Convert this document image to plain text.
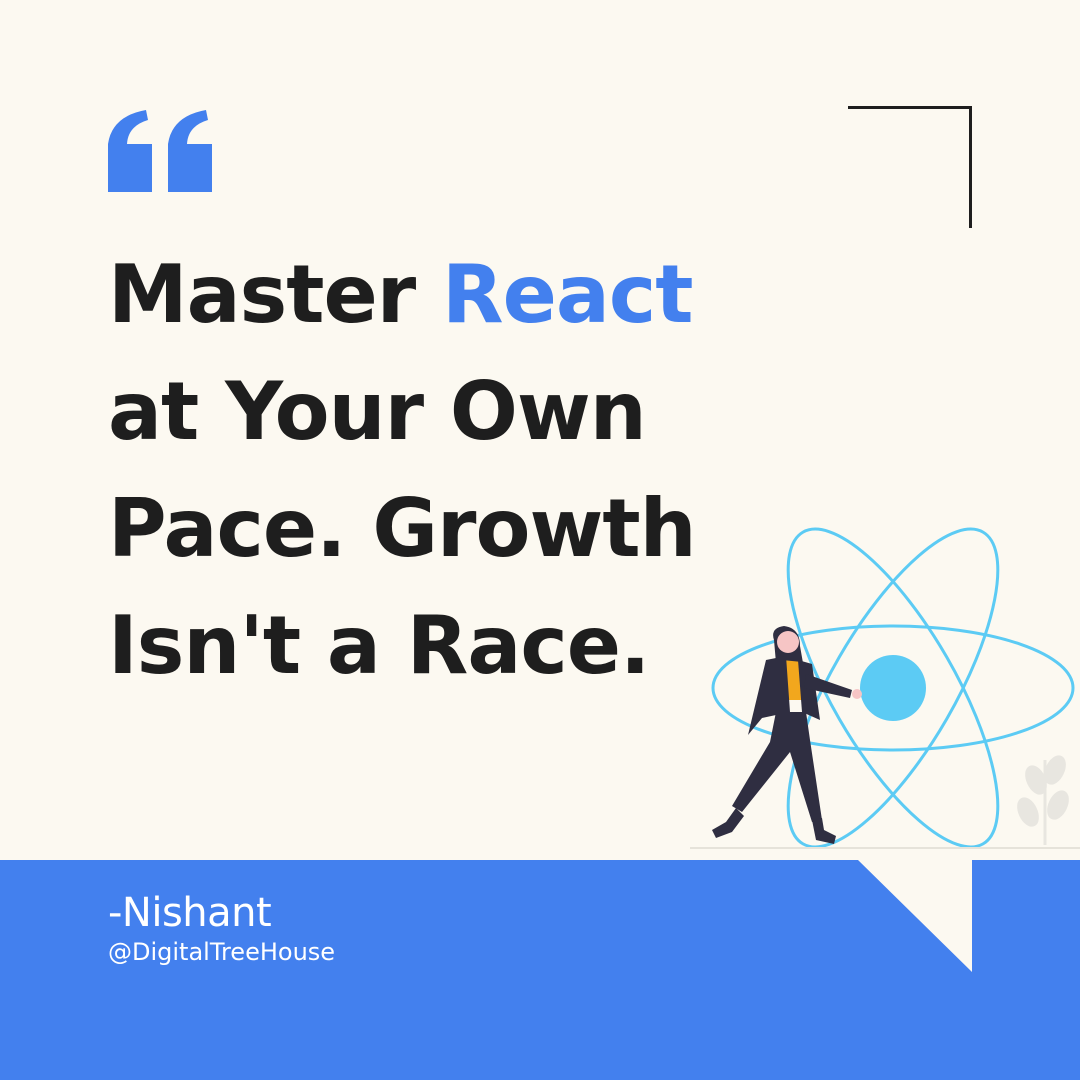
Master React
at Your Own
Pace. Growth
Isn't a Race.

-Nishant

@DigitalTreeHouse
